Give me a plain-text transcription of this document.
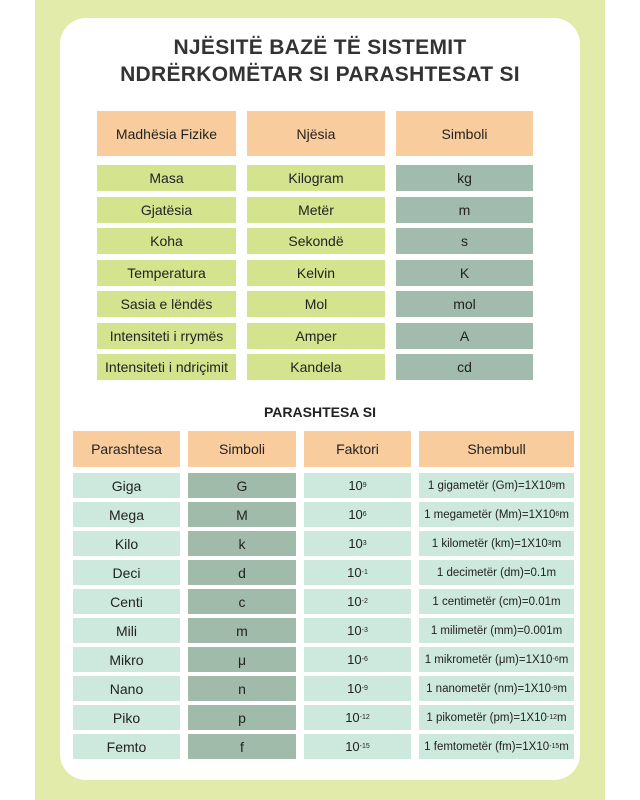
NJËSITË BAZË TË SISTEMIT
NDRËRKOMËTAR SI PARASHTESAT SI
Madhësia Fizike	Njësia	Simboli
Masa	Kilogram	kg
Gjatësia	Metër	m
Koha	Sekondë	s
Temperatura	Kelvin	K
Sasia e lëndës	Mol	mol
Intensiteti i rrymës	Amper	A
Intensiteti i ndriçimit	Kandela	cd
PARASHTESA SI
Parashtesa	Simboli	Faktori	Shembull
Giga	G	10 9	1 gigametër (Gm) = 1X10 9 m
Mega	M	10 6	1 megametër (Mm) = 1X10 6 m
Kilo	k	10 3	1 kilometër (km) = 1X10 3 m
Deci	d	10 -1	1 decimetër (dm) = 0.1m
Centi	c	10 -2	1 centimetër (cm) = 0.01m
Mili	m	10 -3	1 milimetër (mm) = 0.001m
Mikro	μ	10 -6	1 mikrometër (μm) = 1X10 -6 m
Nano	n	10 -9	1 nanometër (nm) = 1X10 -9 m
Piko	p	10 -12	1 pikometër (pm) = 1X10 -12 m
Femto	f	10 -15	1 femtometër (fm) = 1X10 -15 m
